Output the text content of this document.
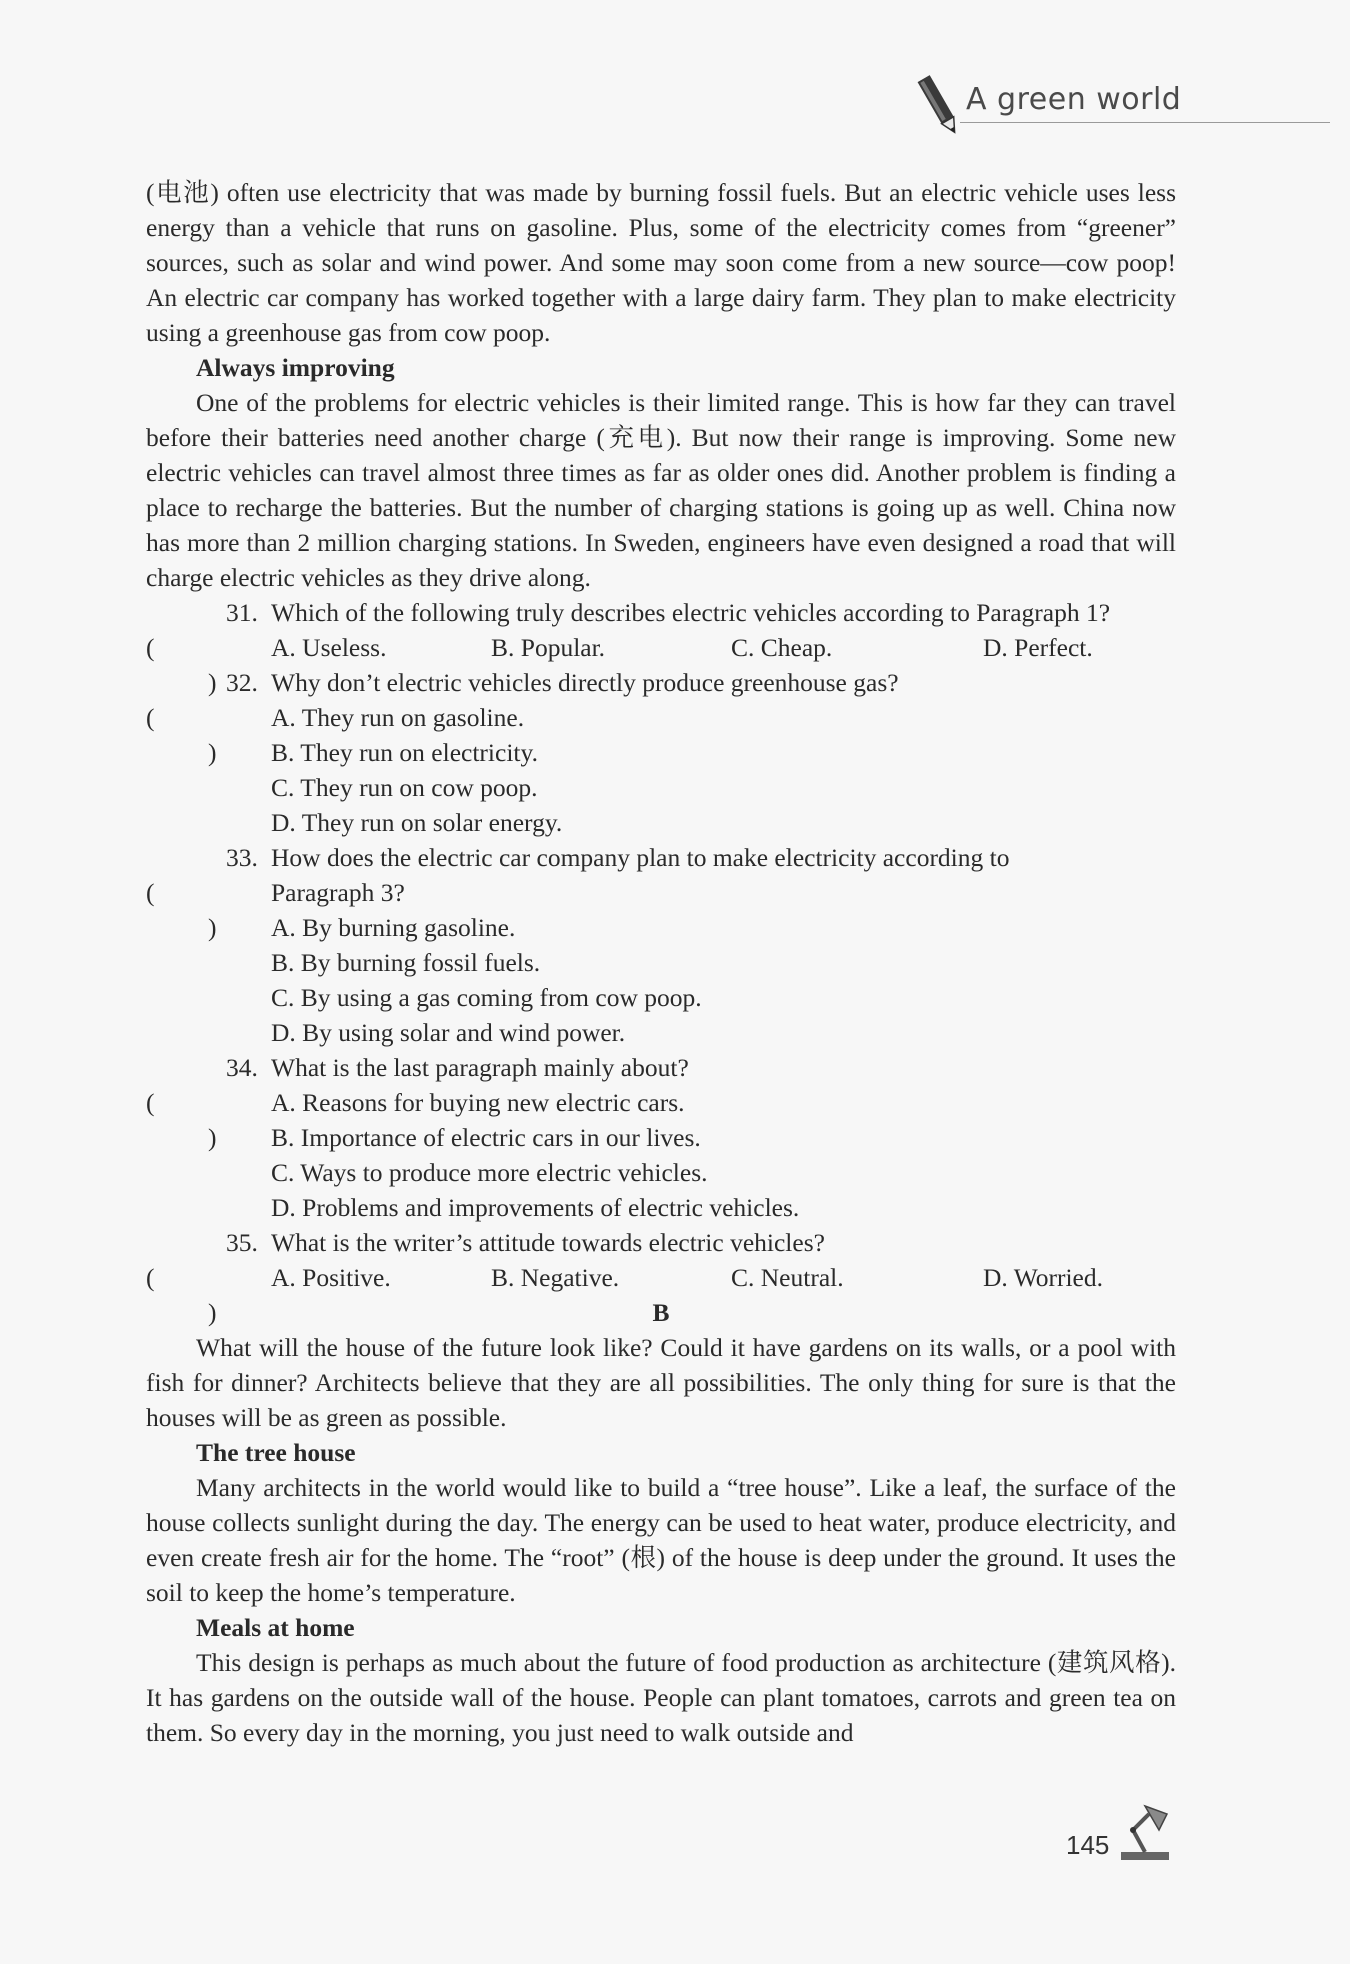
A green world

(电池) often use electricity that was made by burning fossil fuels. But an electric vehicle uses less energy than a vehicle that runs on gasoline. Plus, some of the electricity comes from “greener” sources, such as solar and wind power. And some may soon come from a new source—cow poop! An electric car company has worked together with a large dairy farm. They plan to make electricity using a greenhouse gas from cow poop.

Always improving

One of the problems for electric vehicles is their limited range. This is how far they can travel before their batteries need another charge (充电). But now their range is improving. Some new electric vehicles can travel almost three times as far as older ones did. Another problem is finding a place to recharge the batteries. But the number of charging stations is going up as well. China now has more than 2 million charging stations. In Sweden, engineers have even designed a road that will charge electric vehicles as they drive along.

(

)

31. Which of the following truly describes electric vehicles according to Paragraph 1?
A. Useless.	B. Popular.	C. Cheap.	D. Perfect.

(

)

32. Why don’t electric vehicles directly produce greenhouse gas?
A. They run on gasoline.
B. They run on electricity.
C. They run on cow poop.
D. They run on solar energy.

(

)

33. How does the electric car company plan to make electricity according to
Paragraph 3?
A. By burning gasoline.
B. By burning fossil fuels.
C. By using a gas coming from cow poop.
D. By using solar and wind power.

(

)

34. What is the last paragraph mainly about?
A. Reasons for buying new electric cars.
B. Importance of electric cars in our lives.
C. Ways to produce more electric vehicles.
D. Problems and improvements of electric vehicles.

(

)

35. What is the writer’s attitude towards electric vehicles?
A. Positive.	B. Negative.	C. Neutral.	D. Worried.

B

What will the house of the future look like? Could it have gardens on its walls, or a pool with fish for dinner? Architects believe that they are all possibilities. The only thing for sure is that the houses will be as green as possible.

The tree house

Many architects in the world would like to build a “tree house”. Like a leaf, the surface of the house collects sunlight during the day. The energy can be used to heat water, produce electricity, and even create fresh air for the home. The “root” (根) of the house is deep under the ground. It uses the soil to keep the home’s temperature.

Meals at home

This design is perhaps as much about the future of food production as architecture (建筑风格). It has gardens on the outside wall of the house. People can plant tomatoes, carrots and green tea on them. So every day in the morning, you just need to walk outside and

145
